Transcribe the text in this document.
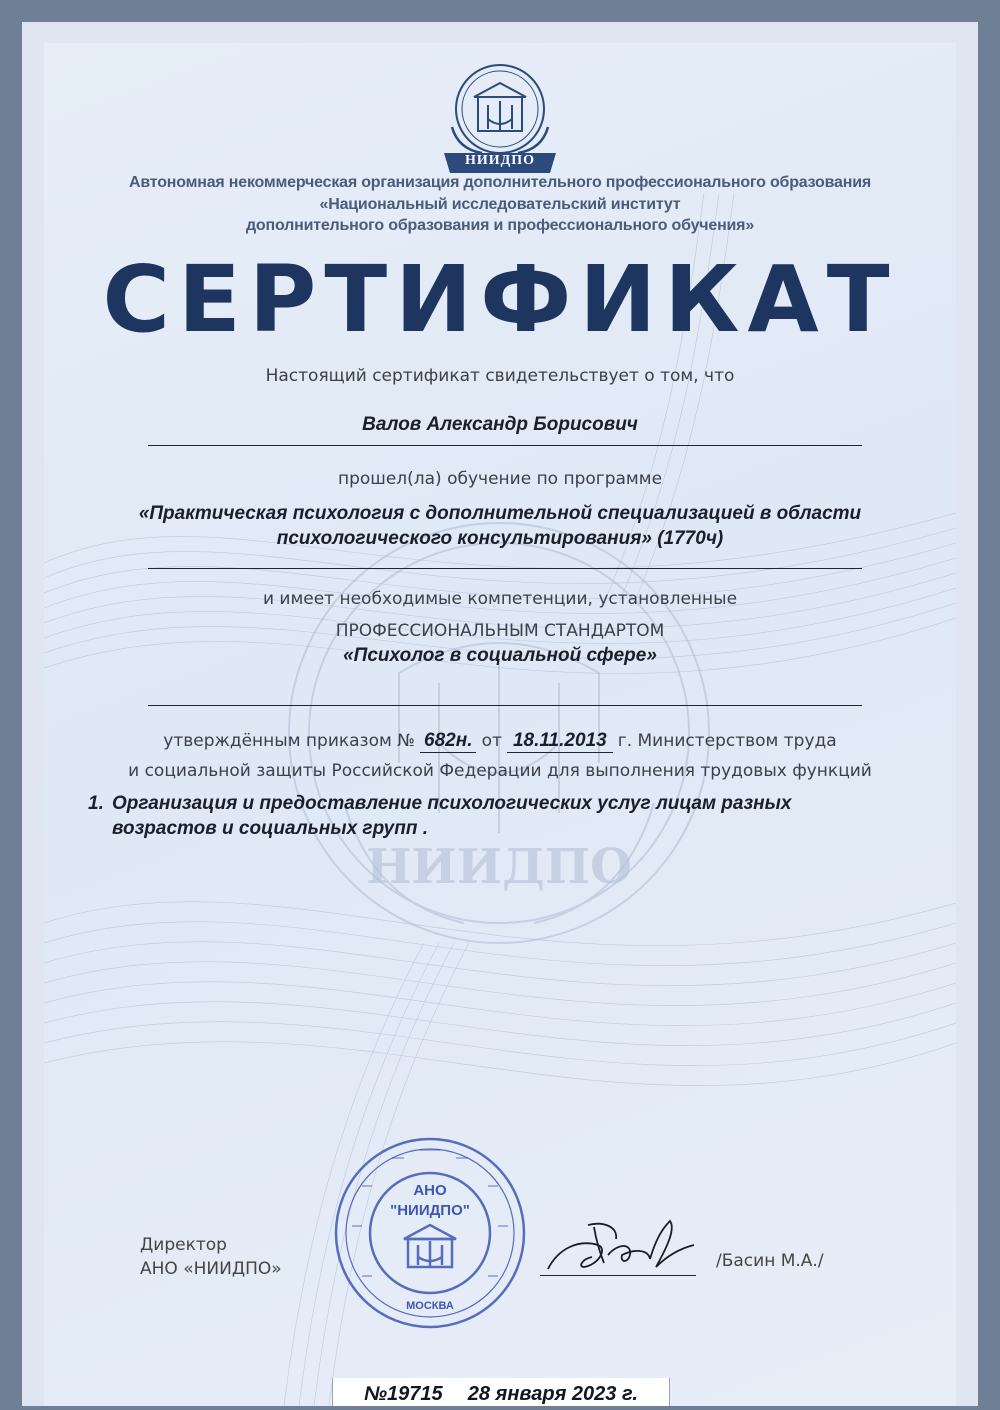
НИИДПО
НИИДПО

Автономная некоммерческая организация дополнительного профессионального образования

«Национальный исследовательский институт

дополнительного образования и профессионального обучения»

СЕРТИФИКАТ

Настоящий сертификат свидетельствует о том, что

Валов Александр Борисович

прошел(ла) обучение по программе

«Практическая психология с дополнительной специализацией в области

психологического консультирования» (1770ч)

и имеет необходимые компетенции, установленные

ПРОФЕССИОНАЛЬНЫМ СТАНДАРТОМ

«Психолог в социальной сфере»

утверждённым приказом № 682н. от 18.11.2013 г. Министерством труда

и социальной защиты Российской Федерации для выполнения трудовых функций

1. Организация и предоставление психологических услуг лицам разных

возрастов и социальных групп .

Директор

АНО «НИИДПО»

АНО
"НИИДПО"
МОСКВА

/Басин М.А./

№19715 28 января 2023 г.
